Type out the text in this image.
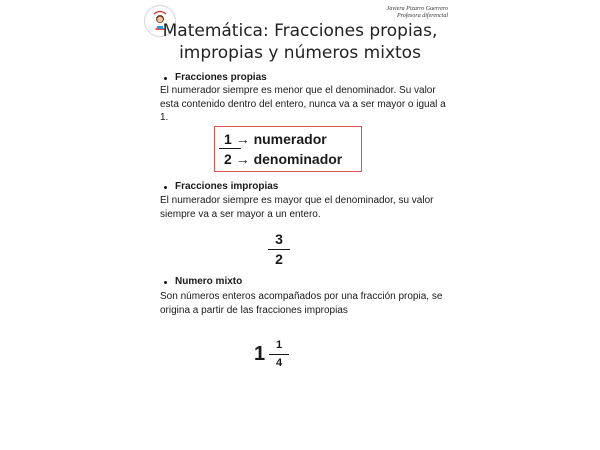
Javiera Pizarro Guerrero
Profesora diferencial
Matemática: Fracciones propias,
impropias y números mixtos
Fracciones propias

El numerador siempre es menor que el denominador. Su valor esta contenido dentro del entero, nunca va a ser mayor o igual a 1.

1 → numerador
2 → denominador
Fracciones impropias

El numerador siempre es mayor que el denominador, su valor siempre va a ser mayor a un entero.

3
2
Numero mixto

Son números enteros acompañados por una fracción propia, se origina a partir de las fracciones impropias

1 1
4
